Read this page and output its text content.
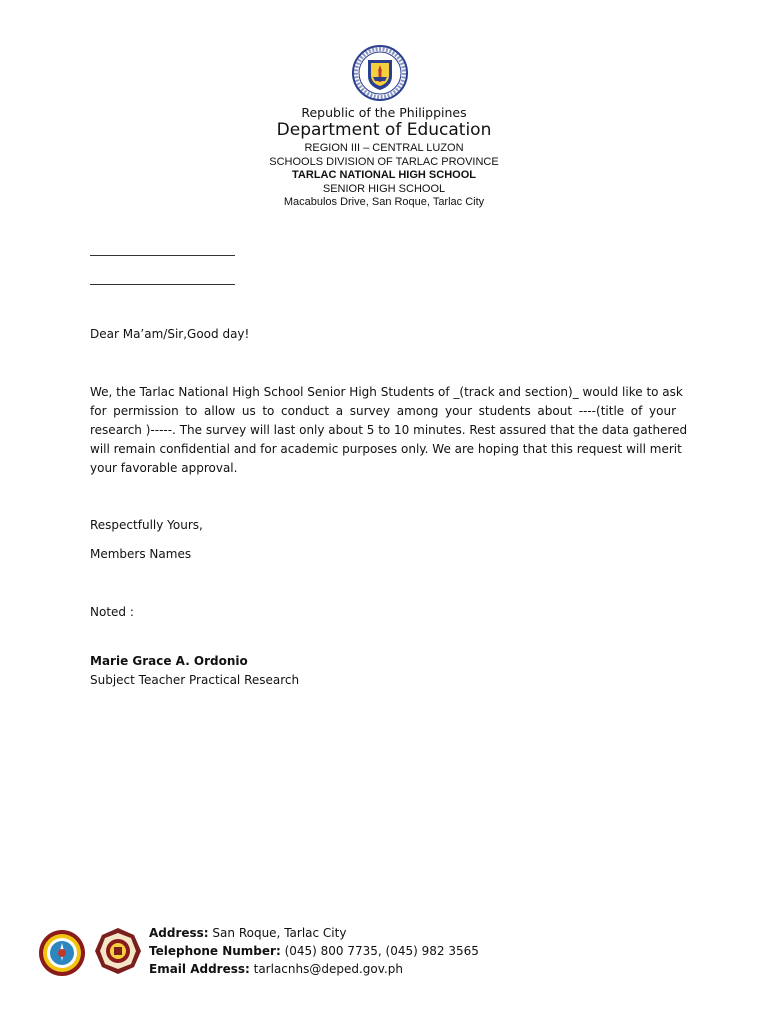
Republic of the Philippines
Department of Education
REGION III – CENTRAL LUZON
SCHOOLS DIVISION OF TARLAC PROVINCE
TARLAC NATIONAL HIGH SCHOOL
SENIOR HIGH SCHOOL
Macabulos Drive, San Roque, Tarlac City
Dear Ma’am/Sir,Good day!
We, the Tarlac National High School Senior High Students of _(track and section)_ would like to ask
for permission to allow us to conduct a survey among your students about ----(title of your
research )-----. The survey will last only about 5 to 10 minutes. Rest assured that the data gathered
will remain confidential and for academic purposes only. We are hoping that this request will merit
your favorable approval.
Respectfully Yours,
Members Names
Noted :
Marie Grace A. Ordonio
Subject Teacher Practical Research
Address: San Roque, Tarlac City
Telephone Number: (045) 800 7735, (045) 982 3565
Email Address: tarlacnhs@deped.gov.ph
